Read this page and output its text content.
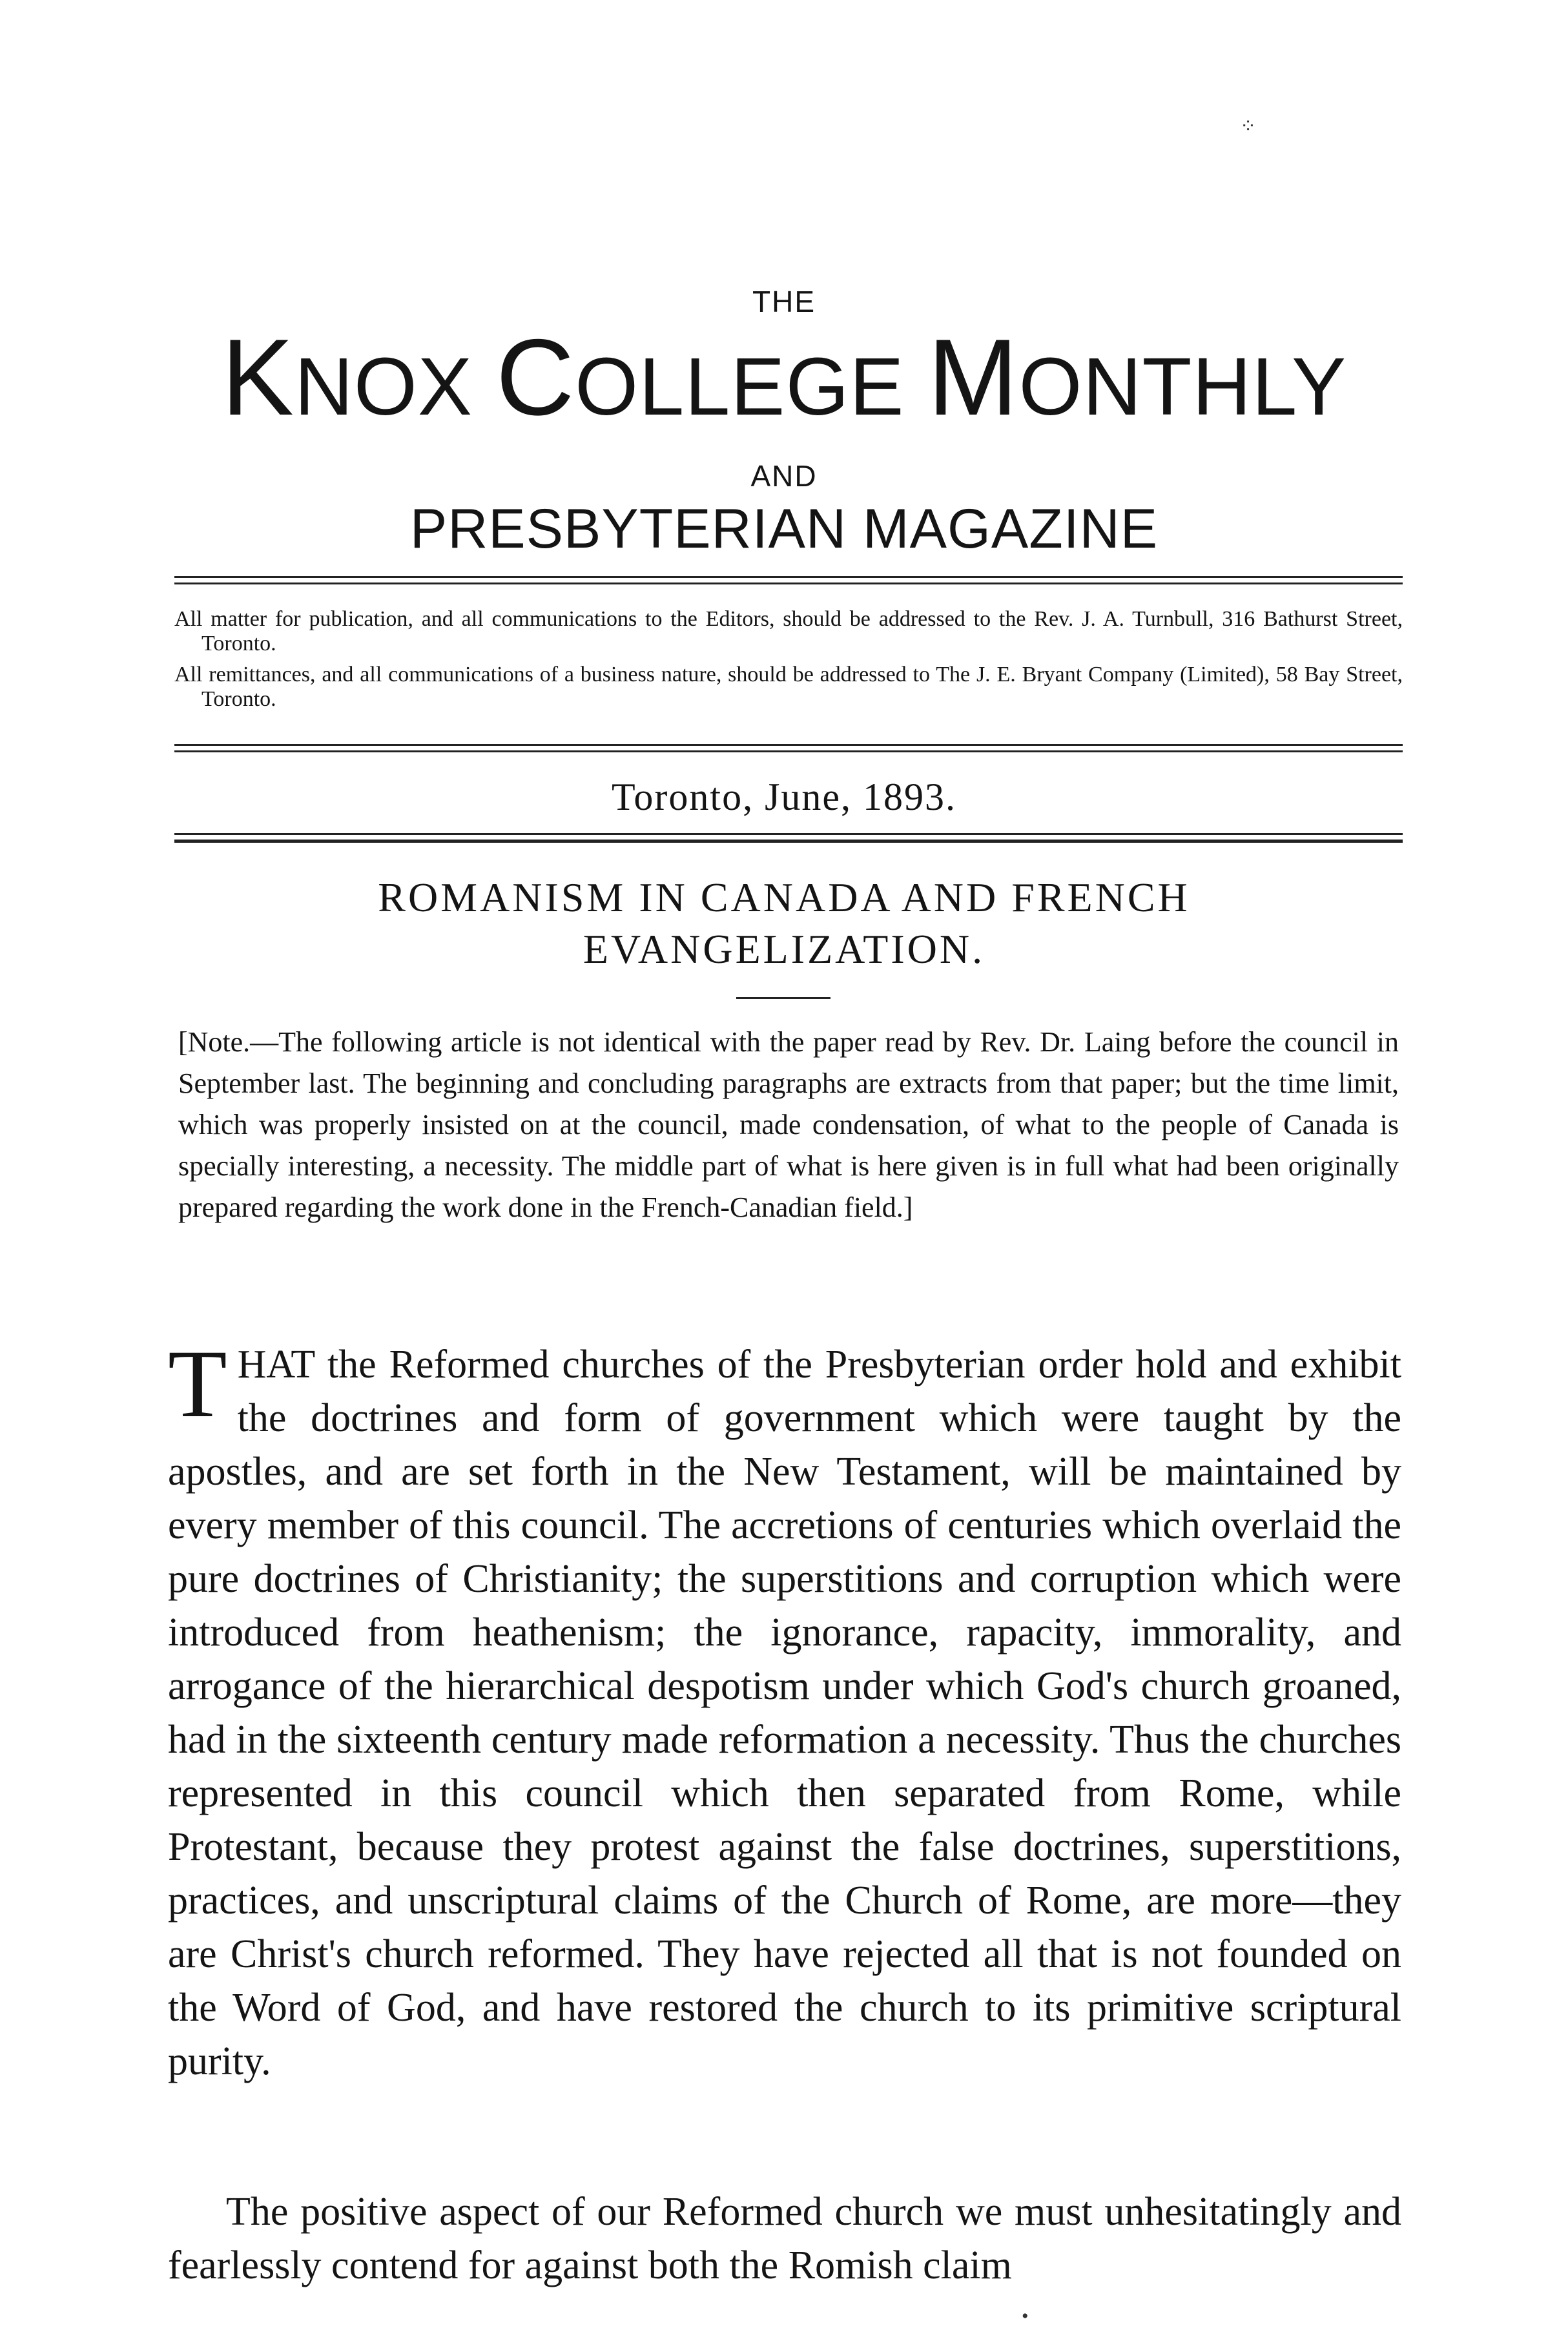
⁘
THE
KNOX COLLEGE MONTHLY
AND
PRESBYTERIAN MAGAZINE
All matter for publication, and all communications to the Editors, should be addressed to the Rev. J. A. Turnbull, 316 Bathurst Street, Toronto.
All remittances, and all communications of a business nature, should be addressed to The J. E. Bryant Company (Limited), 58 Bay Street, Toronto.
Toronto, June, 1893.
ROMANISM IN CANADA AND FRENCH
EVANGELIZATION.
[Note.—The following article is not identical with the paper read by Rev. Dr. Laing before the council in September last. The beginning and concluding paragraphs are extracts from that paper; but the time limit, which was properly insisted on at the council, made condensation, of what to the people of Canada is specially interesting, a necessity. The middle part of what is here given is in full what had been originally prepared regarding the work done in the French-Canadian field.]
T HAT the Reformed churches of the Presbyterian order hold and exhibit the doctrines and form of government which were taught by the apostles, and are set forth in the New Testament, will be maintained by every member of this council. The accretions of centuries which overlaid the pure doctrines of Christianity; the superstitions and corruption which were introduced from heathenism; the ignorance, rapacity, immorality, and arrogance of the hierarchical despotism under which God's church groaned, had in the sixteenth century made reformation a necessity. Thus the churches represented in this council which then separated from Rome, while Protestant, because they protest against the false doctrines, superstitions, practices, and unscriptural claims of the Church of Rome, are more—they are Christ's church reformed. They have rejected all that is not founded on the Word of God, and have restored the church to its primitive scriptural purity.
The positive aspect of our Reformed church we must unhesitatingly and fearlessly contend for against both the Romish claim
•
